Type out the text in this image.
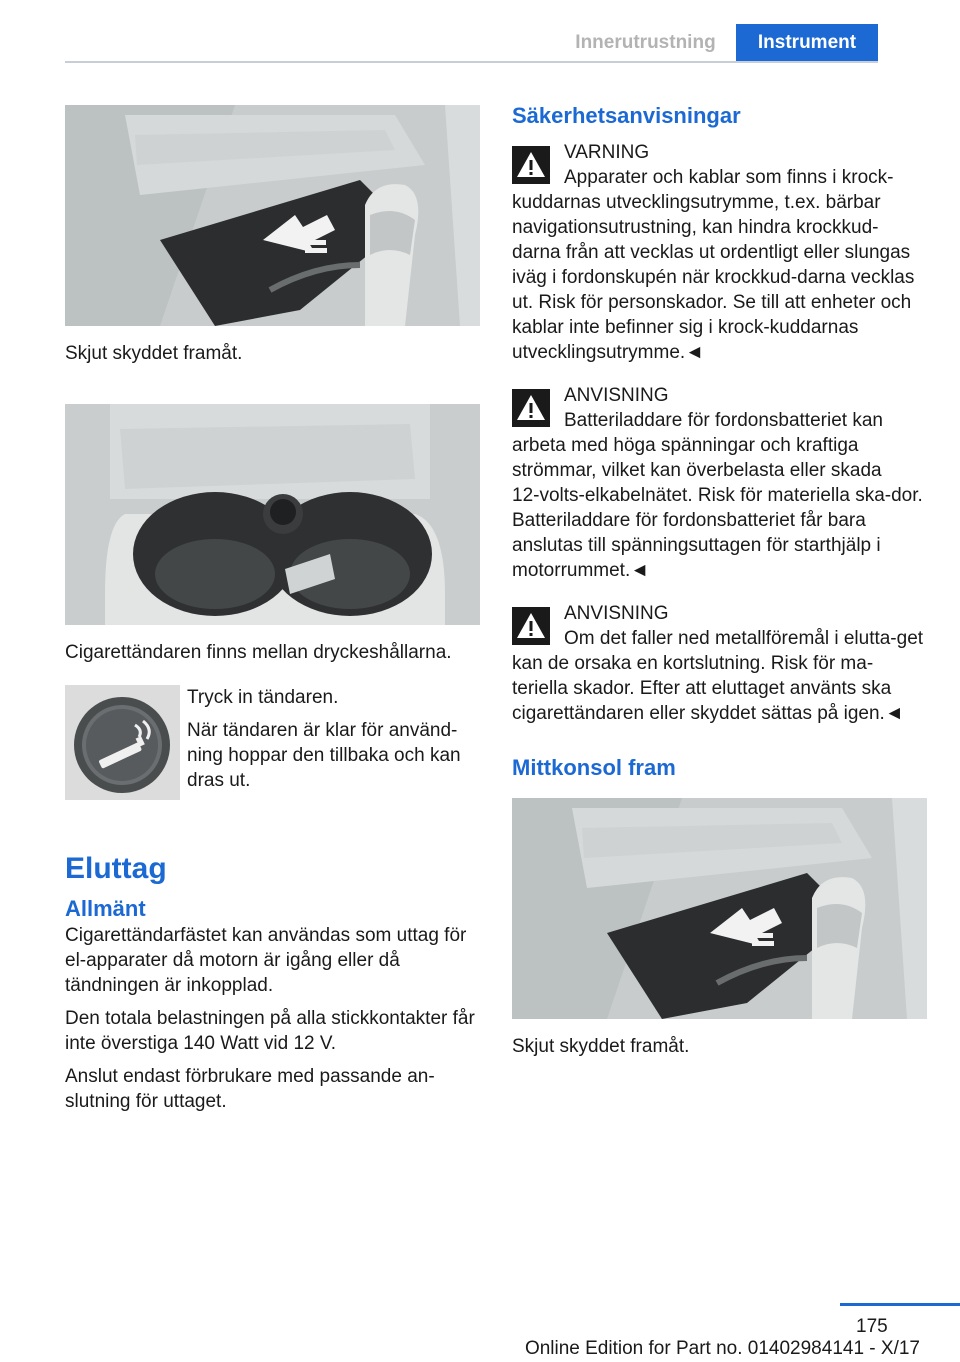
Innerutrustning	Instrument

Skjut skyddet framåt.

Cigarettändaren finns mellan dryckeshållarna.

Tryck in tändaren.

När tändaren är klar för använd‐ning hoppar den tillbaka och kan dras ut.

Eluttag
Allmänt

Cigarettändarfästet kan användas som uttag för el-apparater då motorn är igång eller då tändningen är inkopplad.

Den totala belastningen på alla stickkontakter får inte överstiga 140 Watt vid 12 V.

Anslut endast förbrukare med passande an‐slutning för uttaget.

Säkerhetsanvisningar

VARNING

Apparater och kablar som finns i krock‐kuddarnas utvecklingsutrymme, t.ex. bärbar navigationsutrustning, kan hindra krockkud‐darna från att vecklas ut ordentligt eller slungas iväg i fordonskupén när krockkud‐darna vecklas ut. Risk för personskador. Se till att enheter och kablar inte befinner sig i krock‐kuddarnas utvecklingsutrymme.◄

ANVISNING

Batteriladdare för fordonsbatteriet kan arbeta med höga spänningar och kraftiga strömmar, vilket kan överbelasta eller skada 12‑volts‑elkabelnätet. Risk för materiella ska‐dor. Batteriladdare för fordonsbatteriet får bara anslutas till spänningsuttagen för starthjälp i motorrummet.◄

ANVISNING

Om det faller ned metallföremål i elutta‐get kan de orsaka en kortslutning. Risk för ma‐teriella skador. Efter att eluttaget använts ska cigarettändaren eller skyddet sättas på igen.◄

Mittkonsol fram

Skjut skyddet framåt.

175
Online Edition for Part no. 01402984141 - X/17
